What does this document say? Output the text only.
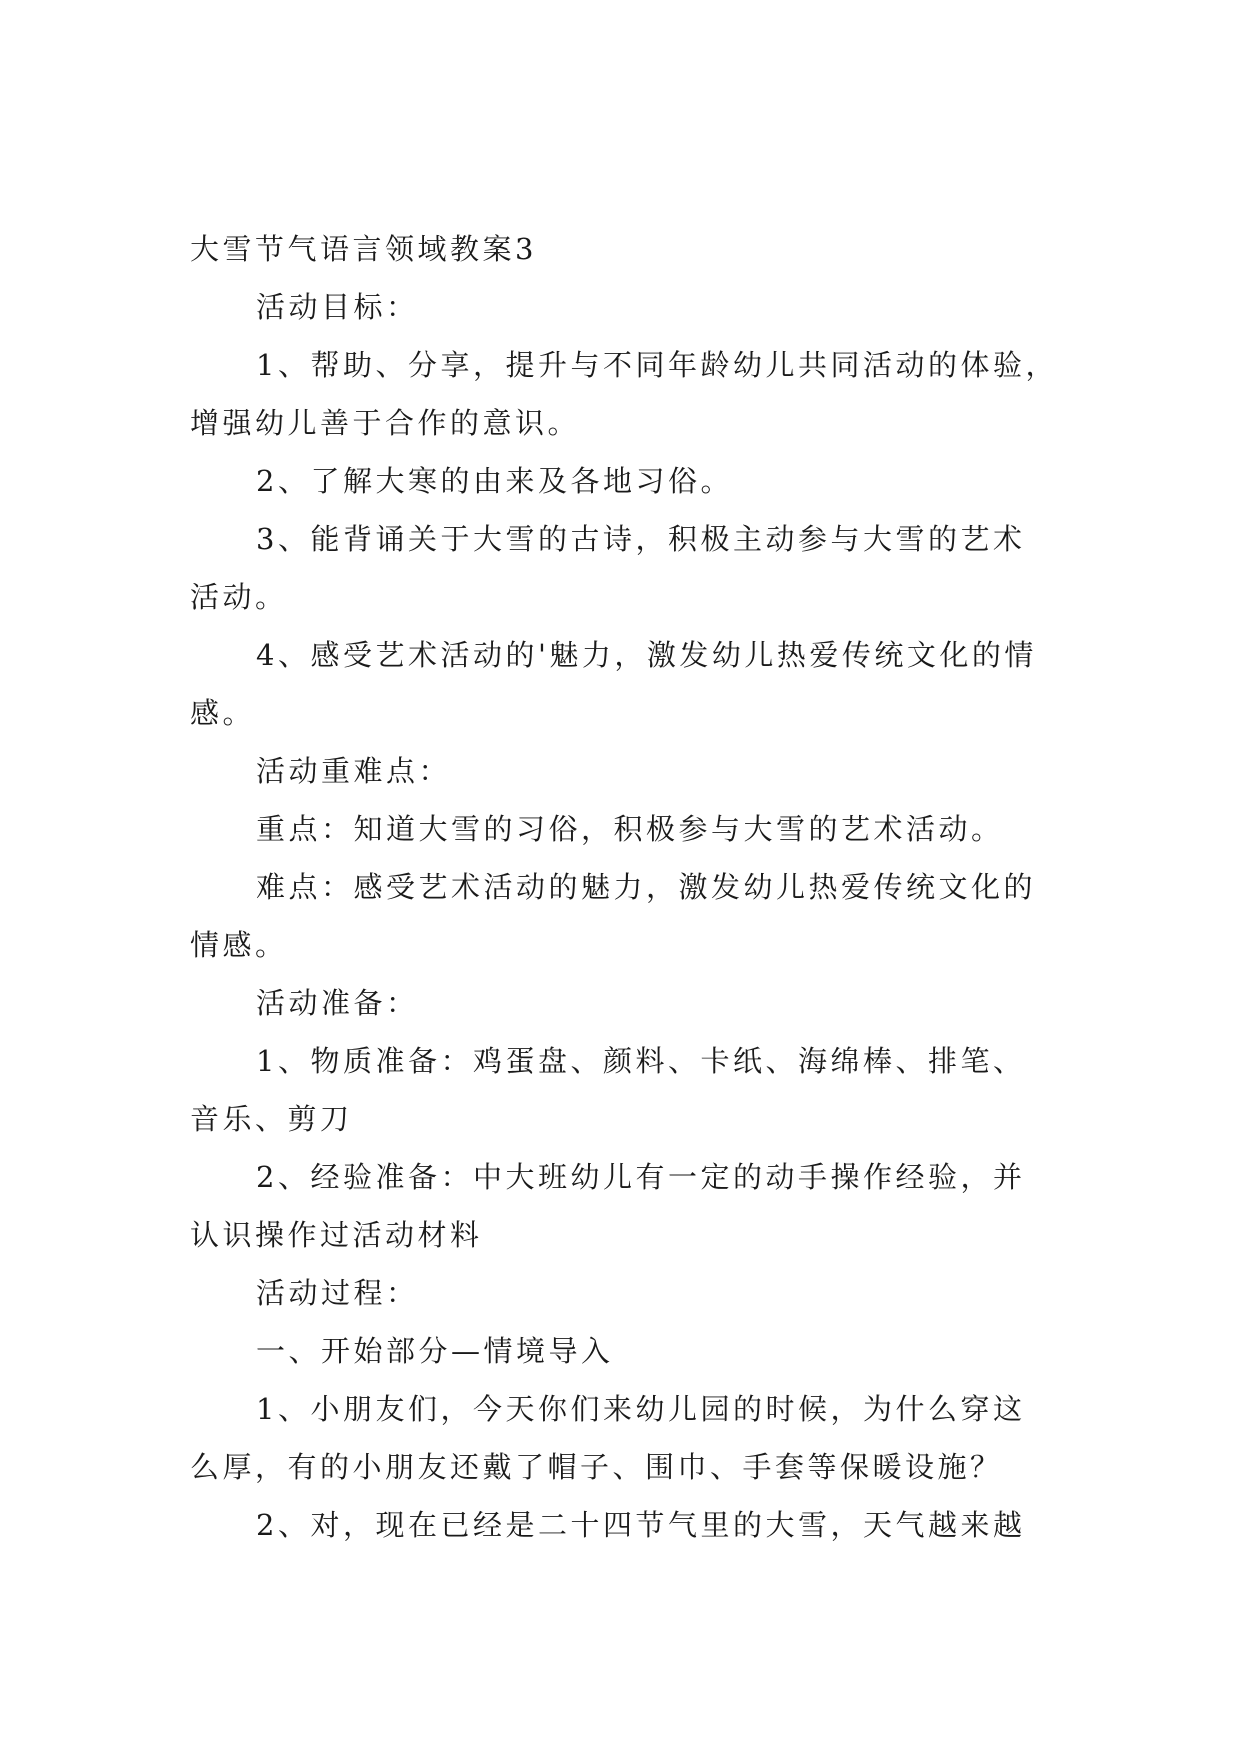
大雪节气语言领域教案3

活动目标：

1、帮助、分享，提升与不同年龄幼儿共同活动的体验，

增强幼儿善于合作的意识。

2、了解大寒的由来及各地习俗。

3、能背诵关于大雪的古诗，积极主动参与大雪的艺术

活动。

4、感受艺术活动的'魅力，激发幼儿热爱传统文化的情

感。

活动重难点：

重点：知道大雪的习俗，积极参与大雪的艺术活动。

难点：感受艺术活动的魅力，激发幼儿热爱传统文化的

情感。

活动准备：

1、物质准备：鸡蛋盘、颜料、卡纸、海绵棒、排笔、

音乐、剪刀

2、经验准备：中大班幼儿有一定的动手操作经验，并

认识操作过活动材料

活动过程：

一、开始部分—情境导入

1、小朋友们，今天你们来幼儿园的时候，为什么穿这

么厚，有的小朋友还戴了帽子、围巾、手套等保暖设施？

2、对，现在已经是二十四节气里的大雪，天气越来越
